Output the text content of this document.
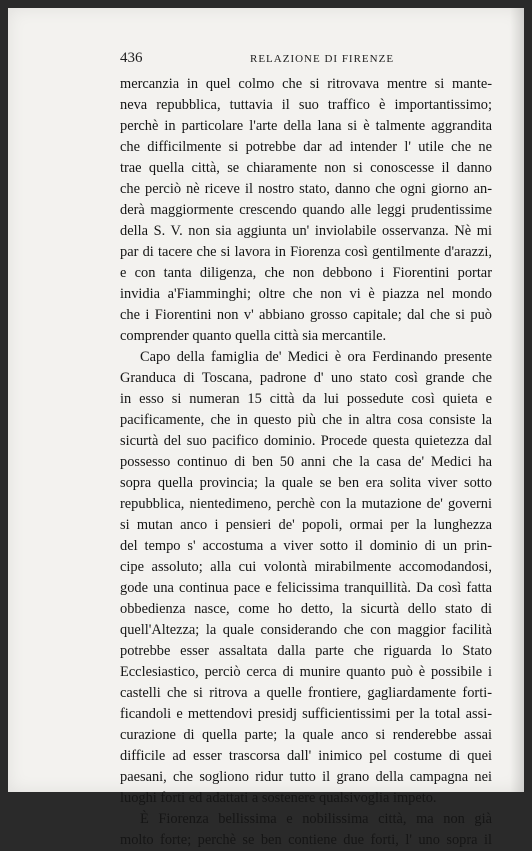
436	RELAZIONE DI FIRENZE

mercanzia in quel colmo che si ritrovava mentre si mante-
neva repubblica, tuttavia il suo traffico è importantissimo;
perchè in particolare l'arte della lana si è talmente aggrandita
che difficilmente si potrebbe dar ad intender l' utile che ne
trae quella città, se chiaramente non si conoscesse il danno
che perciò nè riceve il nostro stato, danno che ogni giorno an-
derà maggiormente crescendo quando alle leggi prudentissime
della S. V. non sia aggiunta un' inviolabile osservanza. Nè mi
par di tacere che si lavora in Fiorenza così gentilmente d'arazzi,
e con tanta diligenza, che non debbono i Fiorentini portar
invidia a'Fiamminghi; oltre che non vi è piazza nel mondo
che i Fiorentini non v' abbiano grosso capitale; dal che si può
comprender quanto quella città sia mercantile.

Capo della famiglia de' Medici è ora Ferdinando presente
Granduca di Toscana, padrone d' uno stato così grande che
in esso si numeran 15 città da lui possedute così quieta e
pacificamente, che in questo più che in altra cosa consiste la
sicurtà del suo pacifico dominio. Procede questa quietezza dal
possesso continuo di ben 50 anni che la casa de' Medici ha
sopra quella provincia; la quale se ben era solita viver sotto
repubblica, nientedimeno, perchè con la mutazione de' governi
si mutan anco i pensieri de' popoli, ormai per la lunghezza
del tempo s' accostuma a viver sotto il dominio di un prin-
cipe assoluto; alla cui volontà mirabilmente accomodandosi,
gode una continua pace e felicissima tranquillità. Da così fatta
obbedienza nasce, come ho detto, la sicurtà dello stato di
quell'Altezza; la quale considerando che con maggior facilità
potrebbe esser assaltata dalla parte che riguarda lo Stato
Ecclesiastico, perciò cerca di munire quanto può è possibile i
castelli che si ritrova a quelle frontiere, gagliardamente forti-
ficandoli e mettendovi presidj sufficientissimi per la total assi-
curazione di quella parte; la quale anco si renderebbe assai
difficile ad esser trascorsa dall' inimico pel costume di quei
paesani, che sogliono ridur tutto il grano della campagna nei
luoghi forti ed adattati a sostenere qualsivoglia impeto.

È Fiorenza bellissima e nobilissima città, ma non già
molto forte; perchè se ben contiene due forti, l' uno sopra il
